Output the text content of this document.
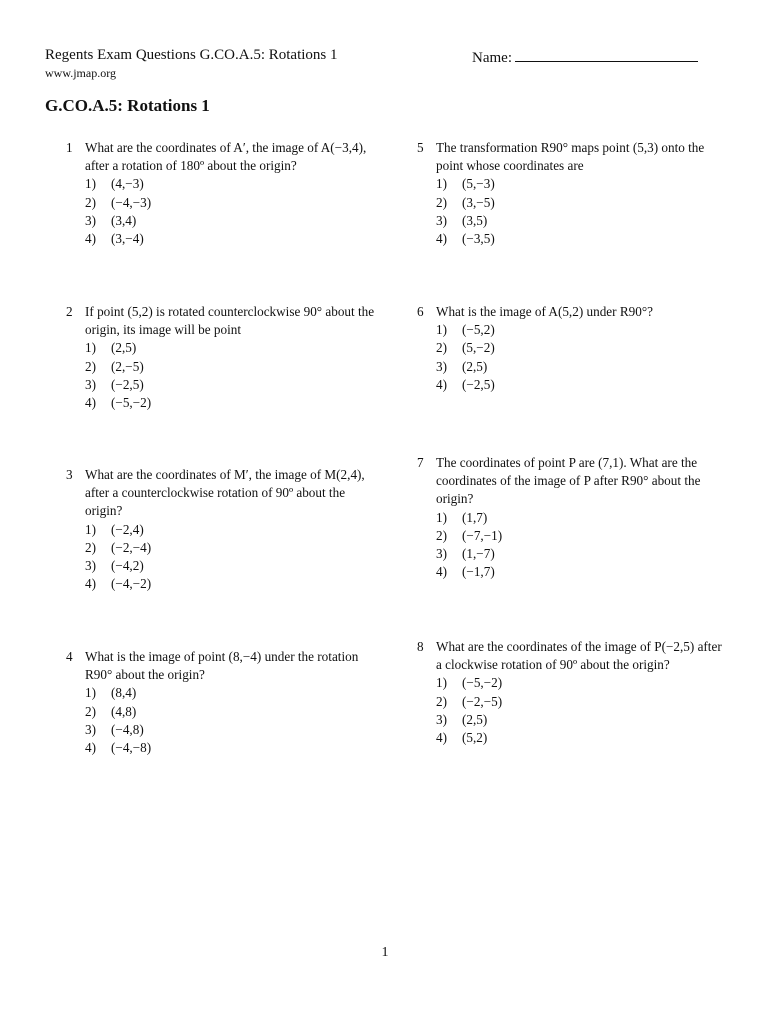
Regents Exam Questions G.CO.A.5: Rotations 1
www.jmap.org
Name:
G.CO.A.5: Rotations 1
1 What are the coordinates of A′, the image of A(−3,4), after a rotation of 180º about the origin?
1)	(4,−3)
2)	(−4,−3)
3)	(3,4)
4)	(3,−4)
2 If point (5,2) is rotated counterclockwise 90° about the origin, its image will be point
1)	(2,5)
2)	(2,−5)
3)	(−2,5)
4)	(−5,−2)
3 What are the coordinates of M′, the image of M(2,4), after a counterclockwise rotation of 90º about the origin?
1)	(−2,4)
2)	(−2,−4)
3)	(−4,2)
4)	(−4,−2)
4 What is the image of point (8,−4) under the rotation R90° about the origin?
1)	(8,4)
2)	(4,8)
3)	(−4,8)
4)	(−4,−8)
5 The transformation R90° maps point (5,3) onto the point whose coordinates are
1)	(5,−3)
2)	(3,−5)
3)	(3,5)
4)	(−3,5)
6 What is the image of A(5,2) under R90°?
1)	(−5,2)
2)	(5,−2)
3)	(2,5)
4)	(−2,5)
7 The coordinates of point P are (7,1). What are the coordinates of the image of P after R90° about the origin?
1)	(1,7)
2)	(−7,−1)
3)	(1,−7)
4)	(−1,7)
8 What are the coordinates of the image of P(−2,5) after a clockwise rotation of 90º about the origin?
1)	(−5,−2)
2)	(−2,−5)
3)	(2,5)
4)	(5,2)
1
